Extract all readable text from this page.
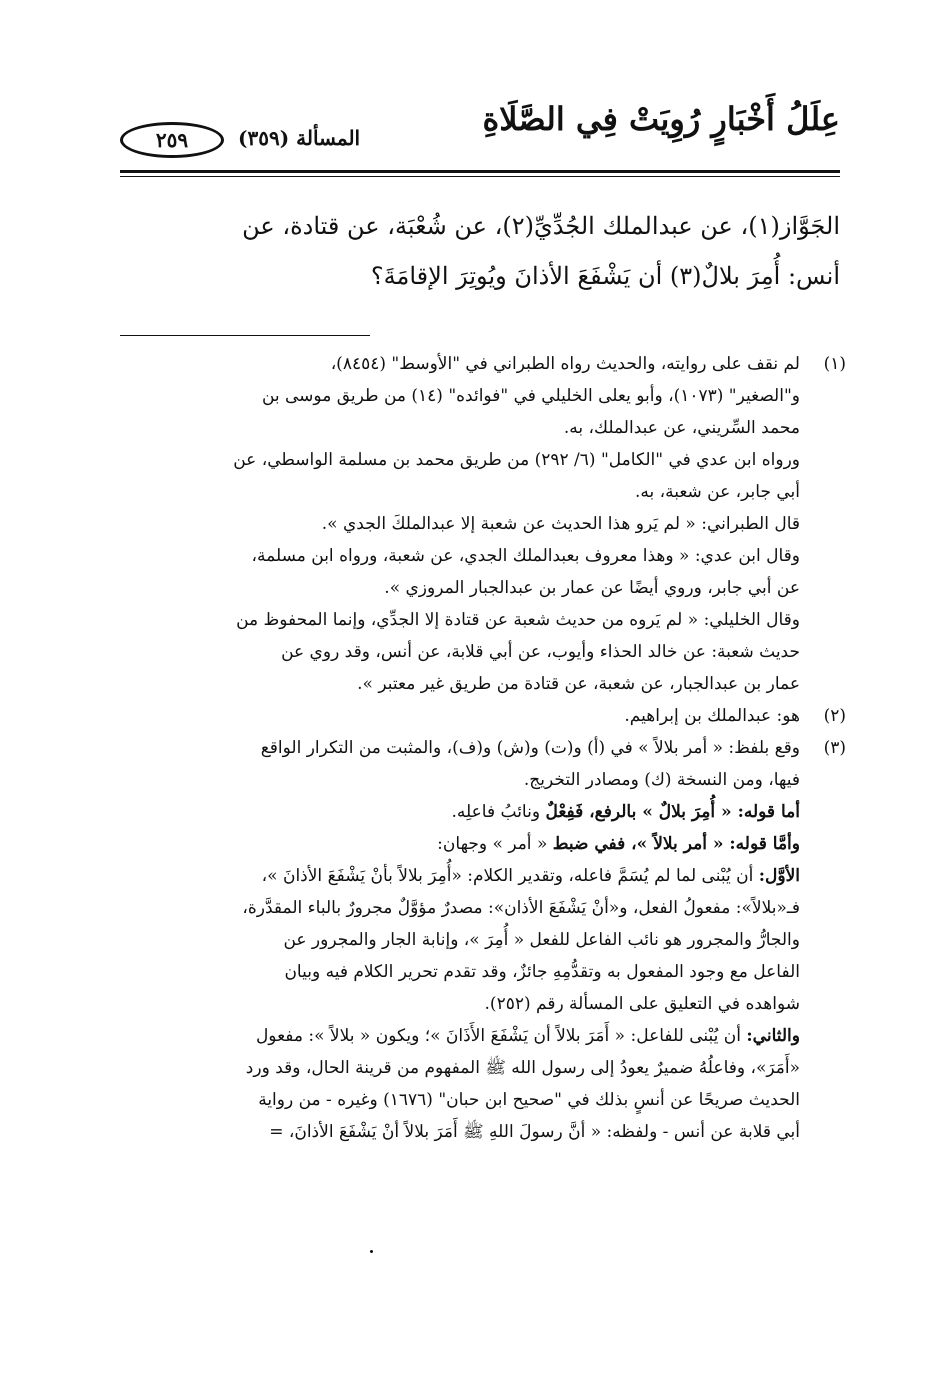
عِلَلُ أَخْبَارٍ رُوِيَتْ فِي الصَّلَاةِ
المسألة (٣٥٩)
٢٥٩

الجَوَّاز(١)، عن عبدالملك الجُدِّيِّ(٢)، عن شُعْبَة، عن قتادة، عن

أنس: أُمِرَ بلالٌ(٣) أن يَشْفَعَ الأذانَ ويُوتِرَ الإقامَةَ؟

(١)

لم نقف على روايته، والحديث رواه الطبراني في "الأوسط" (٨٤٥٤)،

و"الصغير" (١٠٧٣)، وأبو يعلى الخليلي في "فوائده" (١٤) من طريق موسى بن

محمد السِّريني، عن عبدالملك، به.

ورواه ابن عدي في "الكامل" (٦/ ٢٩٢) من طريق محمد بن مسلمة الواسطي، عن

أبي جابر، عن شعبة، به.

قال الطبراني: « لم يَرو هذا الحديث عن شعبة إلا عبدالملكَ الجدي ».

وقال ابن عدي: « وهذا معروف بعبدالملك الجدي، عن شعبة، ورواه ابن مسلمة،

عن أبي جابر، وروي أيضًا عن عمار بن عبدالجبار المروزي ».

وقال الخليلي: « لم يَروه من حديث شعبة عن قتادة إلا الجدِّي، وإنما المحفوظ من

حديث شعبة: عن خالد الحذاء وأيوب، عن أبي قلابة، عن أنس، وقد روي عن

عمار بن عبدالجبار، عن شعبة، عن قتادة من طريق غير معتبر ».

(٢)

هو: عبدالملك بن إبراهيم.

(٣)

وقع بلفظ: « أمر بلالاً » في (أ) و(ت) و(ش) و(ف)، والمثبت من التكرار الواقع

فيها، ومن النسخة (ك) ومصادر التخريج.

أما قوله: « أُمِرَ بلالٌ » بالرفع، فَفِعْلٌ ونائبُ فاعلِه.

وأمَّا قوله: « أمر بلالاً »، ففي ضبط « أمر » وجهان:

الأوَّل: أن يُبْنى لما لم يُسَمَّ فاعله، وتقدير الكلام: «أُمِرَ بلالاً بأنْ يَشْفَعَ الأذانَ »،

فـ«بلالاً»: مفعولُ الفعل، و«أنْ يَشْفَعَ الأذان»: مصدرٌ مؤوَّلٌ مجرورٌ بالباء المقدَّرة،

والجارُّ والمجرور هو نائب الفاعل للفعل « أُمِرَ »، وإنابة الجار والمجرور عن

الفاعل مع وجود المفعول به وتقدُّمِهِ جائزٌ، وقد تقدم تحرير الكلام فيه وبيان

شواهده في التعليق على المسألة رقم (٢٥٢).

والثاني: أن يُبْنى للفاعل: « أَمَرَ بلالاً أن يَشْفَعَ الأَذَانَ »؛ ويكون « بلالاً »: مفعول

«أَمَرَ»، وفاعلُهُ ضميرٌ يعودُ إلى رسول الله ﷺ المفهوم من قرينة الحال، وقد ورد

الحديث صريحًا عن أنسٍ بذلك في "صحيح ابن حبان" (١٦٧٦) وغيره - من رواية

أبي قلابة عن أنس - ولفظه: « أنَّ رسولَ اللهِ ﷺ أَمَرَ بلالاً أنْ يَشْفَعَ الأذانَ، =
